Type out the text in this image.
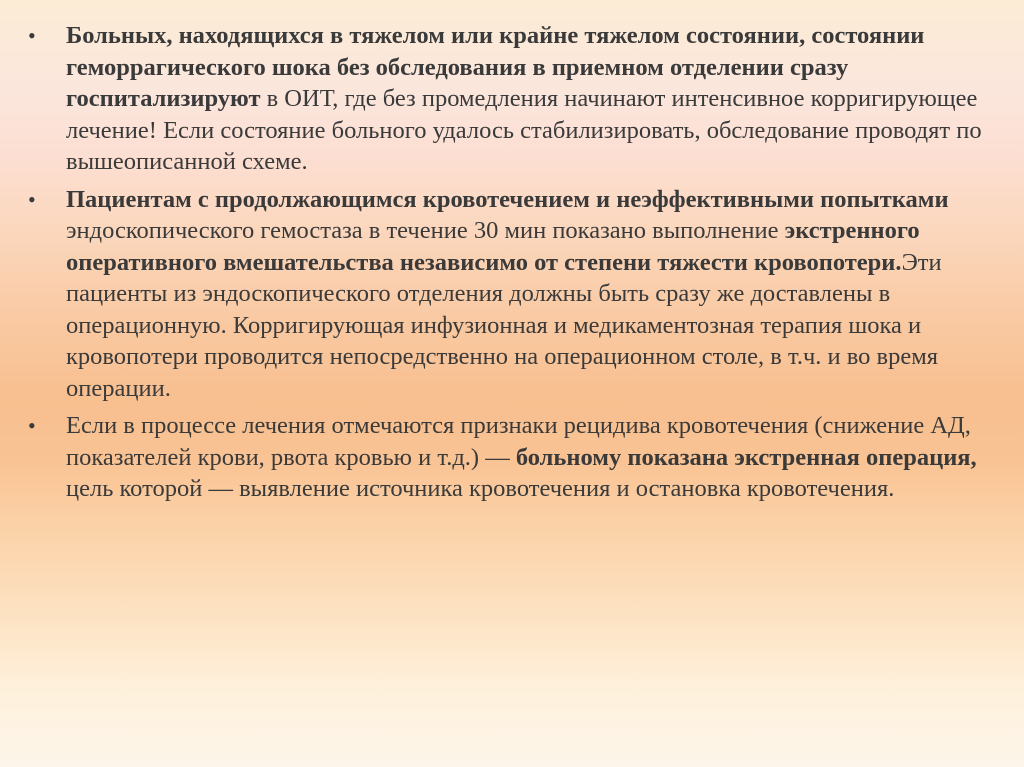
• Больных, находящихся в тяжелом или крайне тяжелом состоянии, состоянии геморрагического шока без обследования в приемном отделении сразу госпитализируют в ОИТ, где без промедления начинают интенсивное корригирующее лечение! Если состояние больного удалось стабилизировать, обследование проводят по вышеописанной схеме.
• Пациентам с продолжающимся кровотечением и неэффективными попытками эндоскопического гемостаза в течение 30 мин показано выполнение экстренного оперативного вмешательства независимо от степени тяжести кровопотери.Эти пациенты из эндоскопического отделения должны быть сразу же доставлены в операционную. Корригирующая инфузионная и медикаментозная терапия шока и кровопотери проводится непосредственно на операционном столе, в т.ч. и во время операции.
• Если в процессе лечения отмечаются признаки рецидива кровотечения (снижение АД, показателей крови, рвота кровью и т.д.) — больному показана экстренная операция, цель которой — выявление источника кровотечения и остановка кровотечения.
